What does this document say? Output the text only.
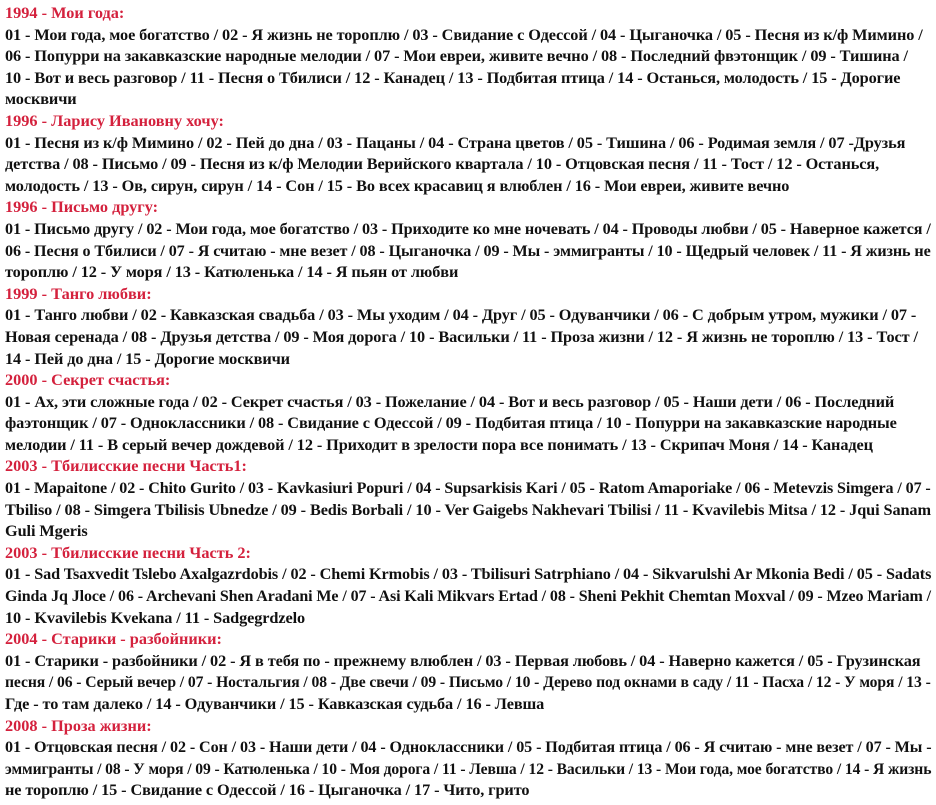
1994 - Мои года:
01 - Мои года, мое богатство / 02 - Я жизнь не тороплю / 03 - Свидание с Одессой / 04 - Цыганочка / 05 - Песня из к/ф Мимино /
06 - Попурри на закавказские народные мелодии / 07 - Мои евреи, живите вечно / 08 - Последний фвэтонщик / 09 - Тишина /
10 - Вот и весь разговор / 11 - Песня о Тбилиси / 12 - Канадец / 13 - Подбитая птица / 14 - Останься, молодость / 15 - Дорогие
москвичи
1996 - Ларису Ивановну хочу:
01 - Песня из к/ф Мимино / 02 - Пей до дна / 03 - Пацаны / 04 - Страна цветов / 05 - Тишина / 06 - Родимая земля / 07 -Друзья
детства / 08 - Письмо / 09 - Песня из к/ф Мелодии Верийского квартала / 10 - Отцовская песня / 11 - Тост / 12 - Останься,
молодость / 13 - Ов, сирун, сирун / 14 - Сон / 15 - Во всех красавиц я влюблен / 16 - Мои евреи, живите вечно
1996 - Письмо другу:
01 - Письмо другу / 02 - Мои года, мое богатство / 03 - Приходите ко мне ночевать / 04 - Проводы любви / 05 - Наверное кажется /
06 - Песня о Тбилиси / 07 - Я считаю - мне везет / 08 - Цыганочка / 09 - Мы - эммигранты / 10 - Щедрый человек / 11 - Я жизнь не
тороплю / 12 - У моря / 13 - Катюленька / 14 - Я пьян от любви
1999 - Танго любви:
01 - Танго любви / 02 - Кавказская свадьба / 03 - Мы уходим / 04 - Друг / 05 - Одуванчики / 06 - С добрым утром, мужики / 07 -
Новая серенада / 08 - Друзья детства / 09 - Моя дорога / 10 - Васильки / 11 - Проза жизни / 12 - Я жизнь не тороплю / 13 - Тост /
14 - Пей до дна / 15 - Дорогие москвичи
2000 - Секрет счастья:
01 - Ах, эти сложные года / 02 - Секрет счастья / 03 - Пожелание / 04 - Вот и весь разговор / 05 - Наши дети / 06 - Последний
фаэтонщик / 07 - Одноклассники / 08 - Свидание с Одессой / 09 - Подбитая птица / 10 - Попурри на закавказские народные
мелодии / 11 - В серый вечер дождевой / 12 - Приходит в зрелости пора все понимать / 13 - Скрипач Моня / 14 - Канадец
2003 - Тбилисские песни Часть1:
01 - Mapaitone / 02 - Chito Gurito / 03 - Kavkasiuri Popuri / 04 - Supsarkisis Kari / 05 - Ratom Amaporiake / 06 - Metevzis Simgera / 07 -
Tbiliso / 08 - Simgera Tbilisis Ubnedze / 09 - Bedis Borbali / 10 - Ver Gaigebs Nakhevari Tbilisi / 11 - Kvavilebis Mitsa / 12 - Jqui Sanam
Guli Mgeris
2003 - Тбилисские песни Часть 2:
01 - Sad Tsaxvedit Tslebo Axalgazrdobis / 02 - Chemi Krmobis / 03 - Tbilisuri Satrphiano / 04 - Sikvarulshi Ar Mkonia Bedi / 05 - Sadats
Ginda Jq Jloce / 06 - Archevani Shen Aradani Me / 07 - Asi Kali Mikvars Ertad / 08 - Sheni Pekhit Chemtan Moxval / 09 - Mzeo Mariam /
10 - Kvavilebis Kvekana / 11 - Sadgegrdzelo
2004 - Старики - разбойники:
01 - Старики - разбойники / 02 - Я в тебя по - прежнему влюблен / 03 - Первая любовь / 04 - Наверно кажется / 05 - Грузинская
песня / 06 - Серый вечер / 07 - Ностальгия / 08 - Две свечи / 09 - Письмо / 10 - Дерево под окнами в саду / 11 - Пасха / 12 - У моря / 13 -
Где - то там далеко / 14 - Одуванчики / 15 - Кавказская судьба / 16 - Левша
2008 - Проза жизни:
01 - Отцовская песня / 02 - Сон / 03 - Наши дети / 04 - Одноклассники / 05 - Подбитая птица / 06 - Я считаю - мне везет / 07 - Мы -
эммигранты / 08 - У моря / 09 - Катюленька / 10 - Моя дорога / 11 - Левша / 12 - Васильки / 13 - Мои года, мое богатство / 14 - Я жизнь
не тороплю / 15 - Свидание с Одессой / 16 - Цыганочка / 17 - Чито, грито
